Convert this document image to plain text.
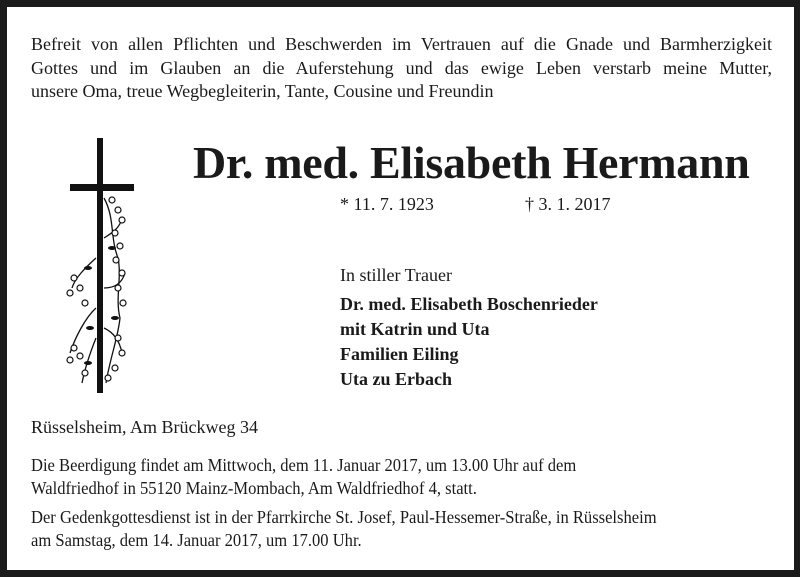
Befreit von allen Pflichten und Beschwerden im Vertrauen auf die Gnade und Barmherzigkeit
Gottes und im Glauben an die Auferstehung und das ewige Leben verstarb meine Mutter,
unsere Oma, treue Wegbegleiterin, Tante, Cousine und Freundin
Dr. med. Elisabeth Hermann
* 11. 7. 1923	† 3. 1. 2017
In stiller Trauer
Dr. med. Elisabeth Boschenrieder
mit Katrin und Uta
Familien Eiling
Uta zu Erbach
Rüsselsheim, Am Brückweg 34
Die Beerdigung findet am Mittwoch, dem 11. Januar 2017, um 13.00 Uhr auf dem
Waldfriedhof in 55120 Mainz-Mombach, Am Waldfriedhof 4, statt.
Der Gedenkgottesdienst ist in der Pfarrkirche St. Josef, Paul-Hessemer-Straße, in Rüsselsheim
am Samstag, dem 14. Januar 2017, um 17.00 Uhr.
